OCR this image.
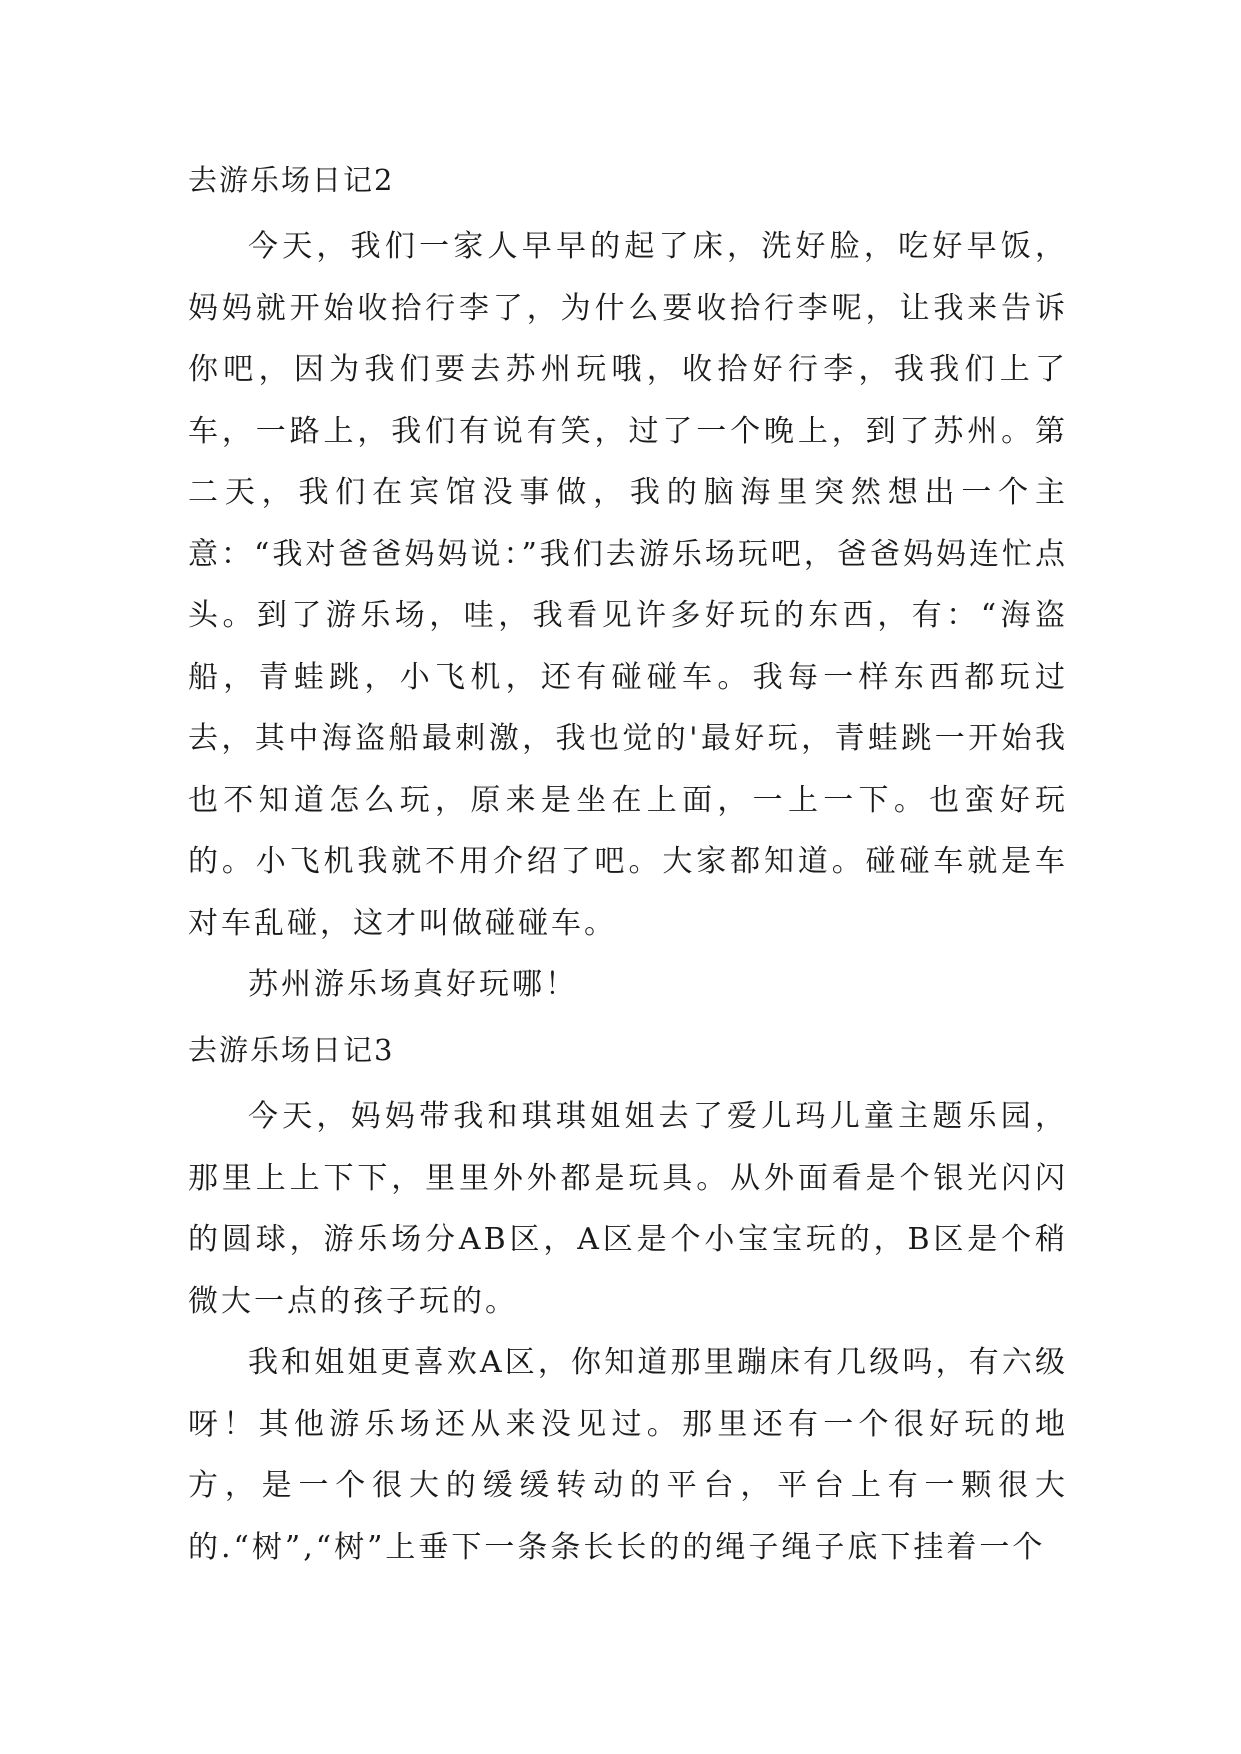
去游乐场日记2

今天，我们一家人早早的起了床，洗好脸，吃好早饭，妈妈就开始收拾行李了，为什么要收拾行李呢，让我来告诉你吧，因为我们要去苏州玩哦，收拾好行李，我我们上了车，一路上，我们有说有笑，过了一个晚上，到了苏州。第二天，我们在宾馆没事做，我的脑海里突然想出一个主意：“我对爸爸妈妈说：”我们去游乐场玩吧，爸爸妈妈连忙点头。到了游乐场，哇，我看见许多好玩的东西，有：“海盗船，青蛙跳，小飞机，还有碰碰车。我每一样东西都玩过去，其中海盗船最刺激，我也觉的'最好玩，青蛙跳一开始我也不知道怎么玩，原来是坐在上面，一上一下。也蛮好玩的。小飞机我就不用介绍了吧。大家都知道。碰碰车就是车对车乱碰，这才叫做碰碰车。

苏州游乐场真好玩哪！

去游乐场日记3

今天，妈妈带我和琪琪姐姐去了爱儿玛儿童主题乐园，那里上上下下，里里外外都是玩具。从外面看是个银光闪闪的圆球，游乐场分AB区，A区是个小宝宝玩的，B区是个稍微大一点的孩子玩的。

我和姐姐更喜欢A区，你知道那里蹦床有几级吗，有六级呀！其他游乐场还从来没见过。那里还有一个很好玩的地方，是一个很大的缓缓转动的平台，平台上有一颗很大的.“树”,“树”上垂下一条条长长的的绳子绳子底下挂着一个
